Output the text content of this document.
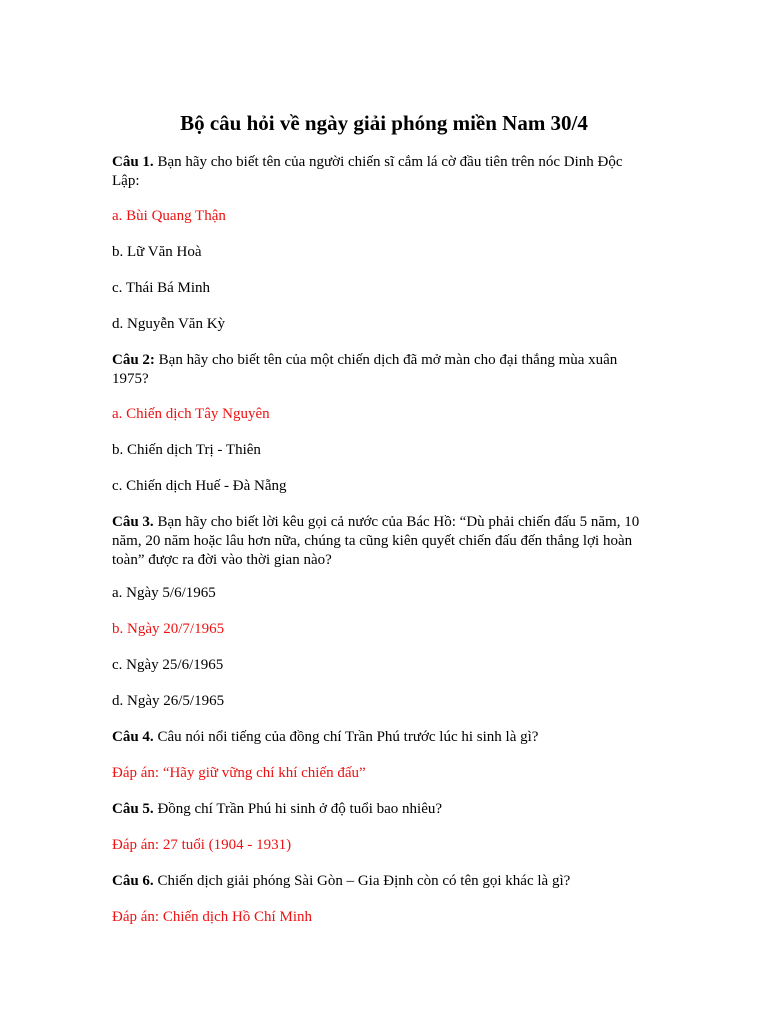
Bộ câu hỏi về ngày giải phóng miền Nam 30/4

Câu 1. Bạn hãy cho biết tên của người chiến sĩ cắm lá cờ đầu tiên trên nóc Dinh Độc Lập:

a. Bùi Quang Thận

b. Lữ Văn Hoà

c. Thái Bá Minh

d. Nguyễn Văn Kỳ

Câu 2: Bạn hãy cho biết tên của một chiến dịch đã mở màn cho đại thắng mùa xuân 1975?

a. Chiến dịch Tây Nguyên

b. Chiến dịch Trị - Thiên

c. Chiến dịch Huế - Đà Nẵng

Câu 3. Bạn hãy cho biết lời kêu gọi cả nước của Bác Hồ: “Dù phải chiến đấu 5 năm, 10 năm, 20 năm hoặc lâu hơn nữa, chúng ta cũng kiên quyết chiến đấu đến thắng lợi hoàn toàn” được ra đời vào thời gian nào?

a. Ngày 5/6/1965

b. Ngày 20/7/1965

c. Ngày 25/6/1965

d. Ngày 26/5/1965

Câu 4. Câu nói nổi tiếng của đồng chí Trần Phú trước lúc hi sinh là gì?

Đáp án: “Hãy giữ vững chí khí chiến đấu”

Câu 5. Đồng chí Trần Phú hi sinh ở độ tuổi bao nhiêu?

Đáp án: 27 tuổi (1904 - 1931)

Câu 6. Chiến dịch giải phóng Sài Gòn – Gia Định còn có tên gọi khác là gì?

Đáp án: Chiến dịch Hồ Chí Minh
